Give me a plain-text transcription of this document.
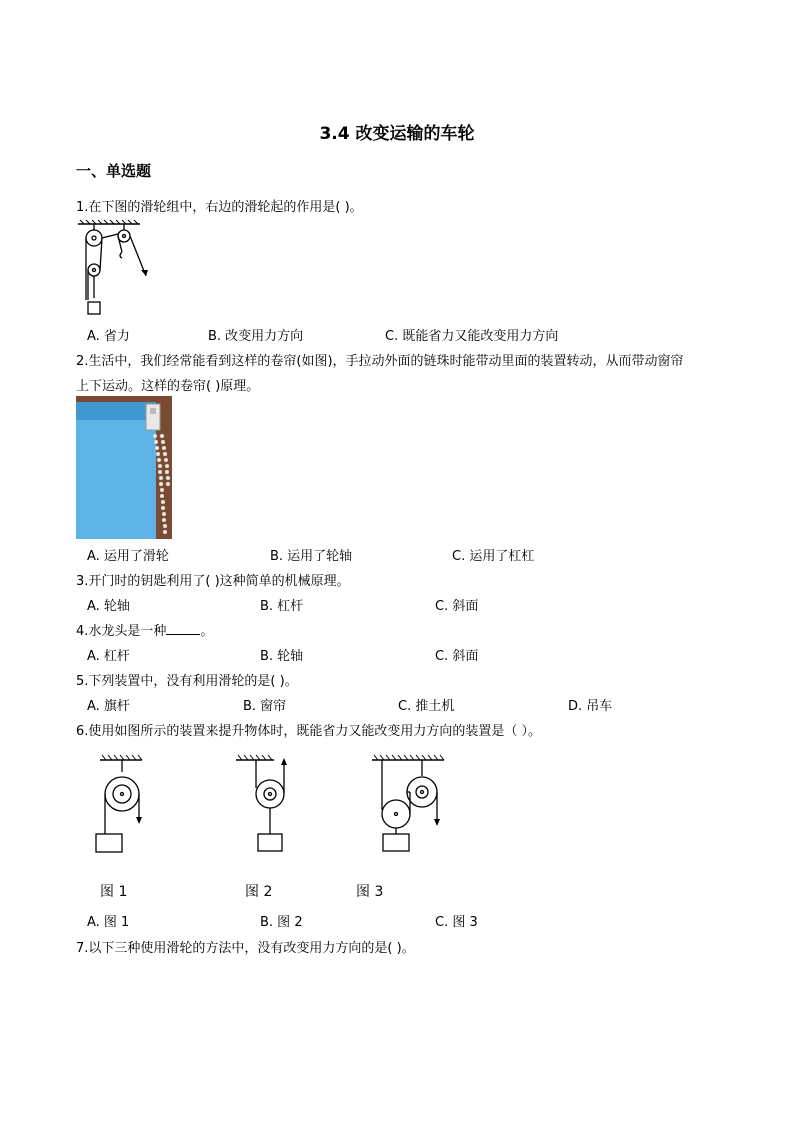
3.4 改变运输的车轮
一、单选题
1.在下图的滑轮组中，右边的滑轮起的作用是( )。
A. 省力	B. 改变用力方向	C. 既能省力又能改变用力方向
2.生活中，我们经常能看到这样的卷帘(如图)，手拉动外面的链珠时能带动里面的装置转动，从而带动窗帘
上下运动。这样的卷帘( )原理。
A. 运用了滑轮	B. 运用了轮轴	C. 运用了杠杠
3.开门时的钥匙利用了( )这种简单的机械原理。
A. 轮轴	B. 杠杆	C. 斜面
4.水龙头是一种	。
A. 杠杆	B. 轮轴	C. 斜面
5.下列装置中，没有利用滑轮的是( )。
A. 旗杆	B. 窗帘	C. 推土机	D. 吊车
6.使用如图所示的装置来提升物体时，既能省力又能改变用力方向的装置是（ ）。
图 1	图 2	图 3
A. 图 1	B. 图 2	C. 图 3
7.以下三种使用滑轮的方法中，没有改变用力方向的是( )。
